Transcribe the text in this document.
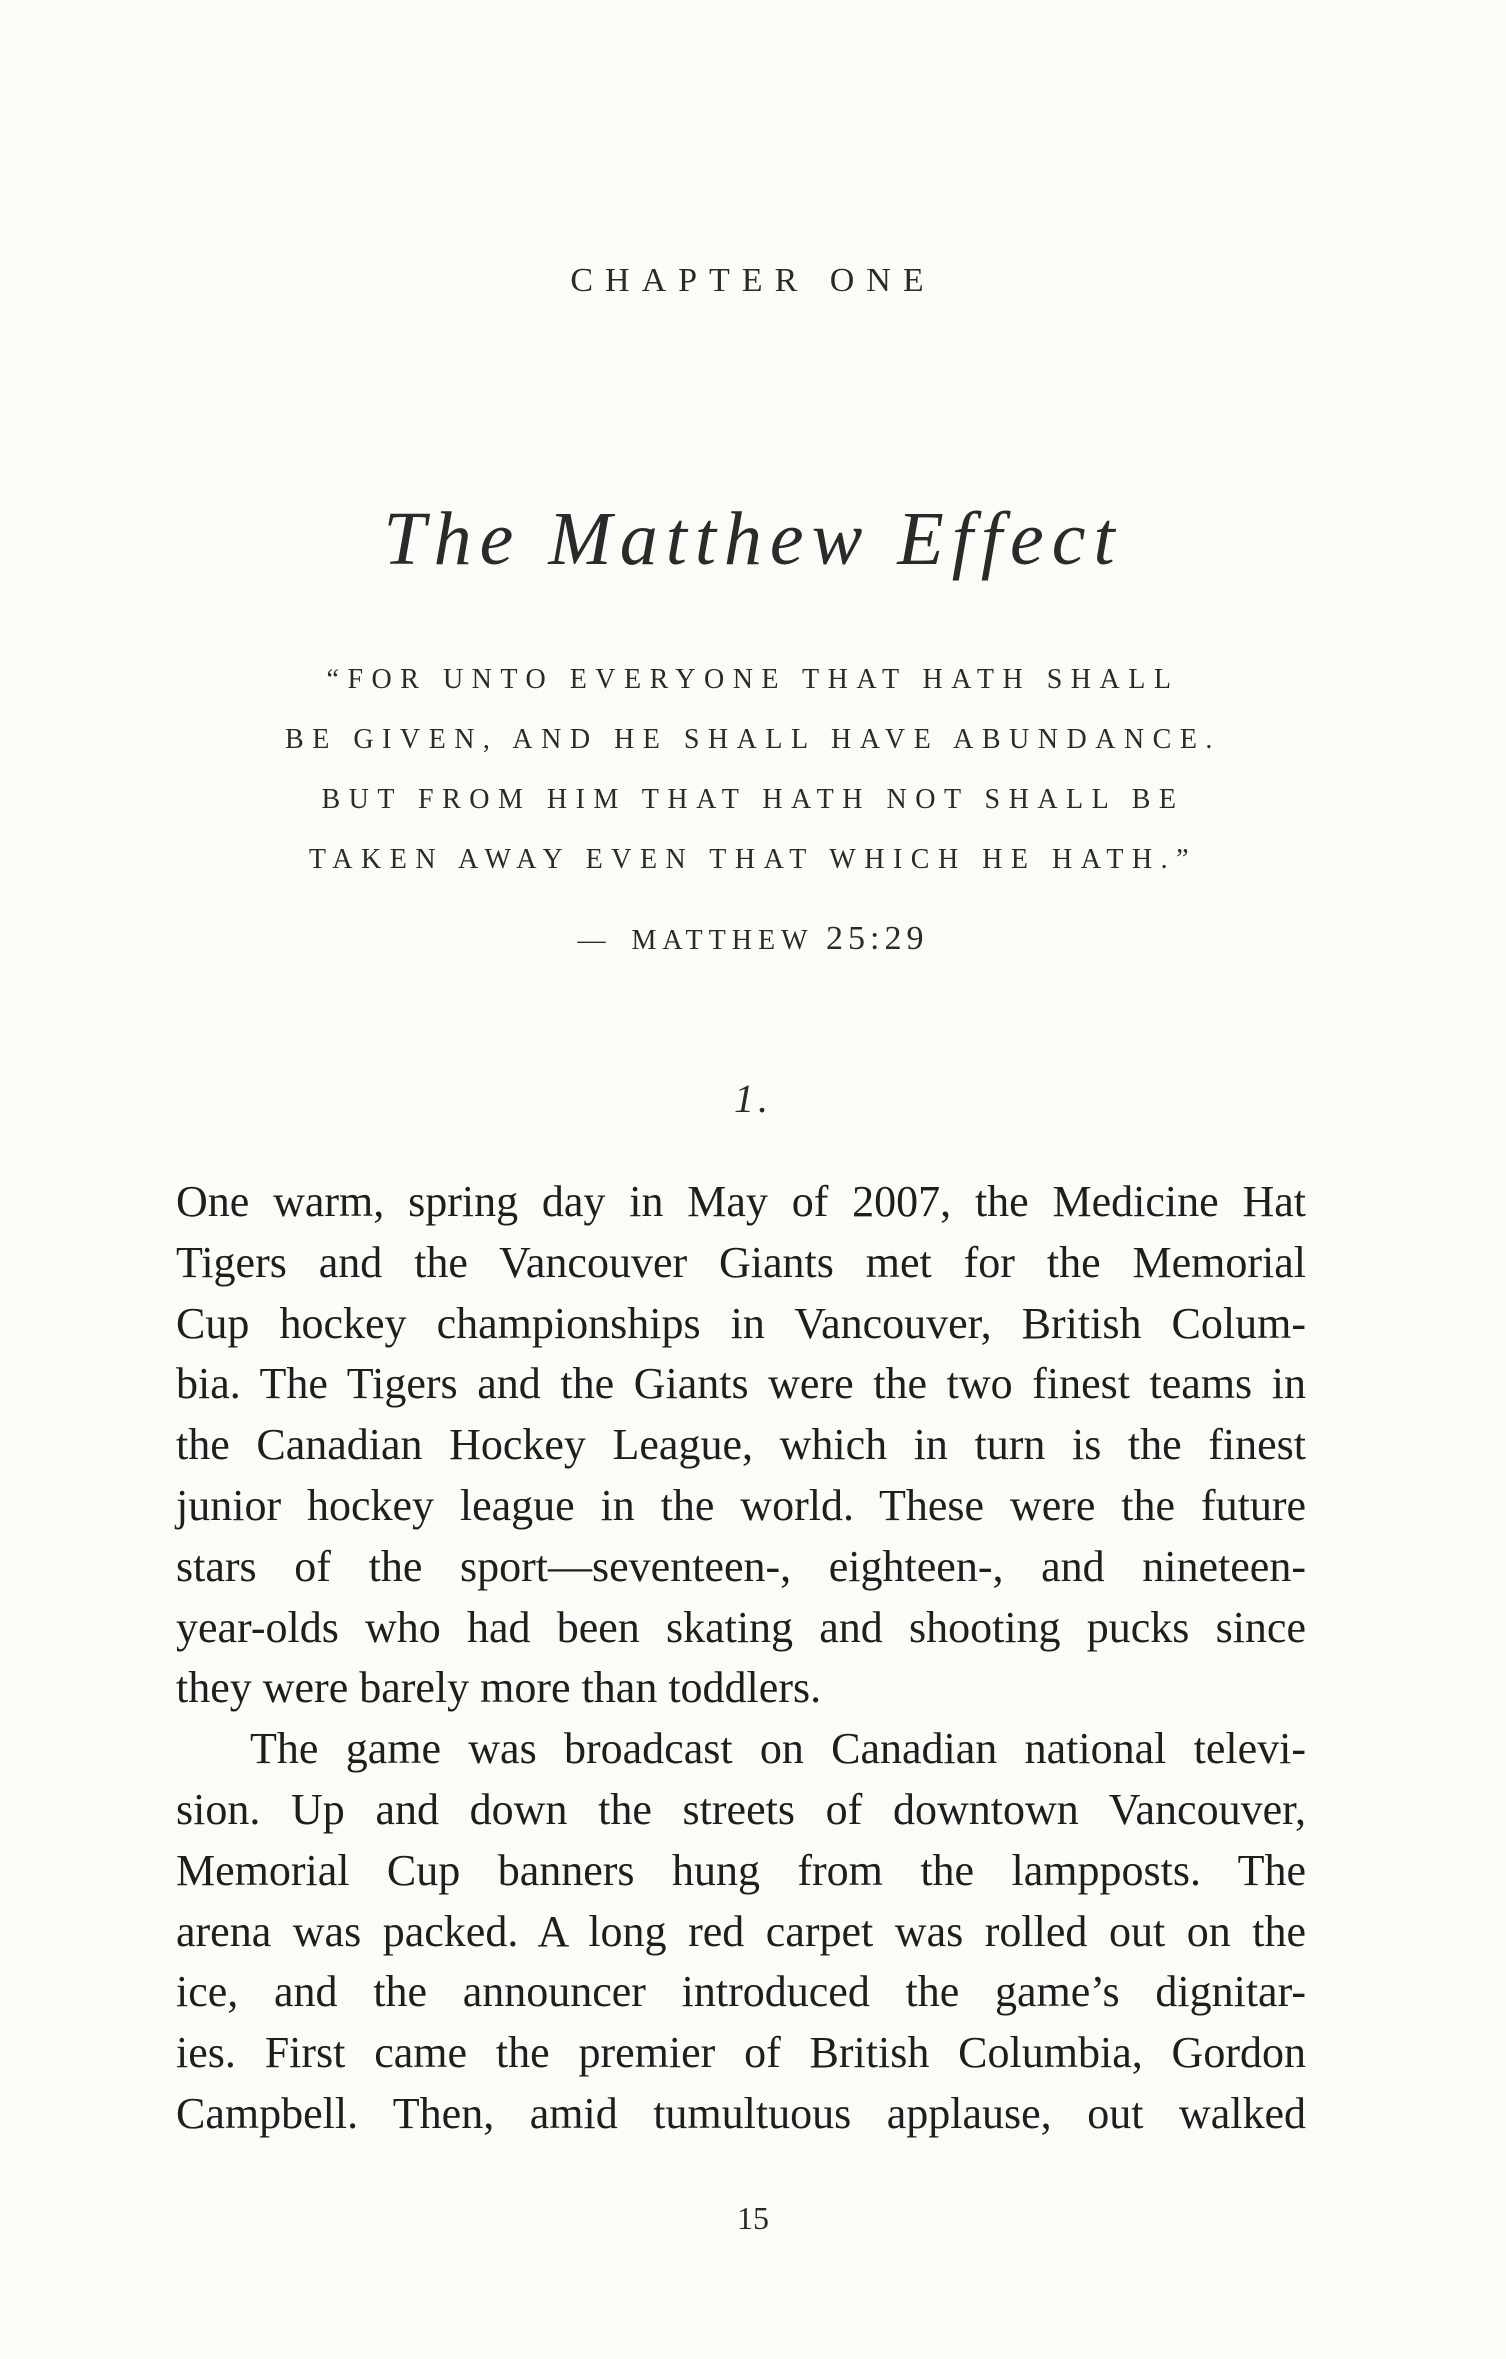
CHAPTER ONE
The Matthew Effect
“FOR UNTO EVERYONE THAT HATH SHALL
BE GIVEN, AND HE SHALL HAVE ABUNDANCE.
BUT FROM HIM THAT HATH NOT SHALL BE
TAKEN AWAY EVEN THAT WHICH HE HATH.”
— MATTHEW 25:29
1.
One warm, spring day in May of 2007, the Medicine Hat
Tigers and the Vancouver Giants met for the Memorial
Cup hockey championships in Vancouver, British Colum-
bia. The Tigers and the Giants were the two finest teams in
the Canadian Hockey League, which in turn is the finest
junior hockey league in the world. These were the future
stars of the sport—seventeen-, eighteen-, and nineteen-
year-olds who had been skating and shooting pucks since
they were barely more than toddlers.
The game was broadcast on Canadian national televi-
sion. Up and down the streets of downtown Vancouver,
Memorial Cup banners hung from the lampposts. The
arena was packed. A long red carpet was rolled out on the
ice, and the announcer introduced the game’s dignitar-
ies. First came the premier of British Columbia, Gordon
Campbell. Then, amid tumultuous applause, out walked
15
